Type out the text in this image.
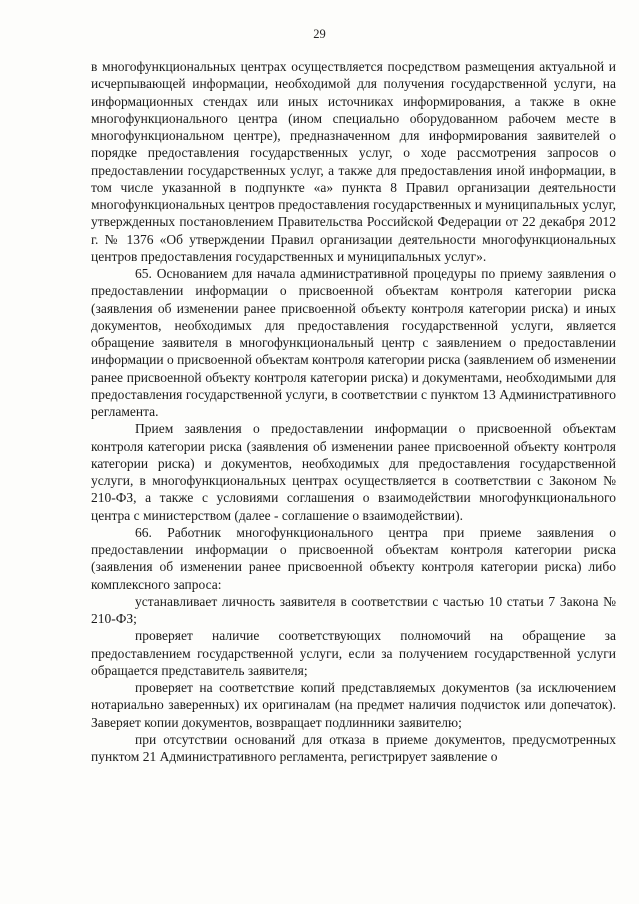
29

в многофункциональных центрах осуществляется посредством размещения актуальной и исчерпывающей информации, необходимой для получения государственной услуги, на информационных стендах или иных источниках информирования, а также в окне многофункционального центра (ином специально оборудованном рабочем месте в многофункциональном центре), предназначенном для информирования заявителей о порядке предоставления государственных услуг, о ходе рассмотрения запросов о предоставлении государственных услуг, а также для предоставления иной информации, в том числе указанной в подпункте «а» пункта 8 Правил организации деятельности многофункциональных центров предоставления государственных и муниципальных услуг, утвержденных постановлением Правительства Российской Федерации от 22 декабря 2012 г. № 1376 «Об утверждении Правил организации деятельности многофункциональных центров предоставления государственных и муниципальных услуг».

65. Основанием для начала административной процедуры по приему заявления о предоставлении информации о присвоенной объектам контроля категории риска (заявления об изменении ранее присвоенной объекту контроля категории риска) и иных документов, необходимых для предоставления государственной услуги, является обращение заявителя в многофункциональный центр с заявлением о предоставлении информации о присвоенной объектам контроля категории риска (заявлением об изменении ранее присвоенной объекту контроля категории риска) и документами, необходимыми для предоставления государственной услуги, в соответствии с пунктом 13 Административного регламента.

Прием заявления о предоставлении информации о присвоенной объектам контроля категории риска (заявления об изменении ранее присвоенной объекту контроля категории риска) и документов, необходимых для предоставления государственной услуги, в многофункциональных центрах осуществляется в соответствии с Законом № 210-ФЗ, а также с условиями соглашения о взаимодействии многофункционального центра с министерством (далее - соглашение о взаимодействии).

66. Работник многофункционального центра при приеме заявления о предоставлении информации о присвоенной объектам контроля категории риска (заявления об изменении ранее присвоенной объекту контроля категории риска) либо комплексного запроса:

устанавливает личность заявителя в соответствии с частью 10 статьи 7 Закона № 210-ФЗ;

проверяет наличие соответствующих полномочий на обращение за предоставлением государственной услуги, если за получением государственной услуги обращается представитель заявителя;

проверяет на соответствие копий представляемых документов (за исключением нотариально заверенных) их оригиналам (на предмет наличия подчисток или допечаток). Заверяет копии документов, возвращает подлинники заявителю;

при отсутствии оснований для отказа в приеме документов, предусмотренных пунктом 21 Административного регламента, регистрирует заявление о
